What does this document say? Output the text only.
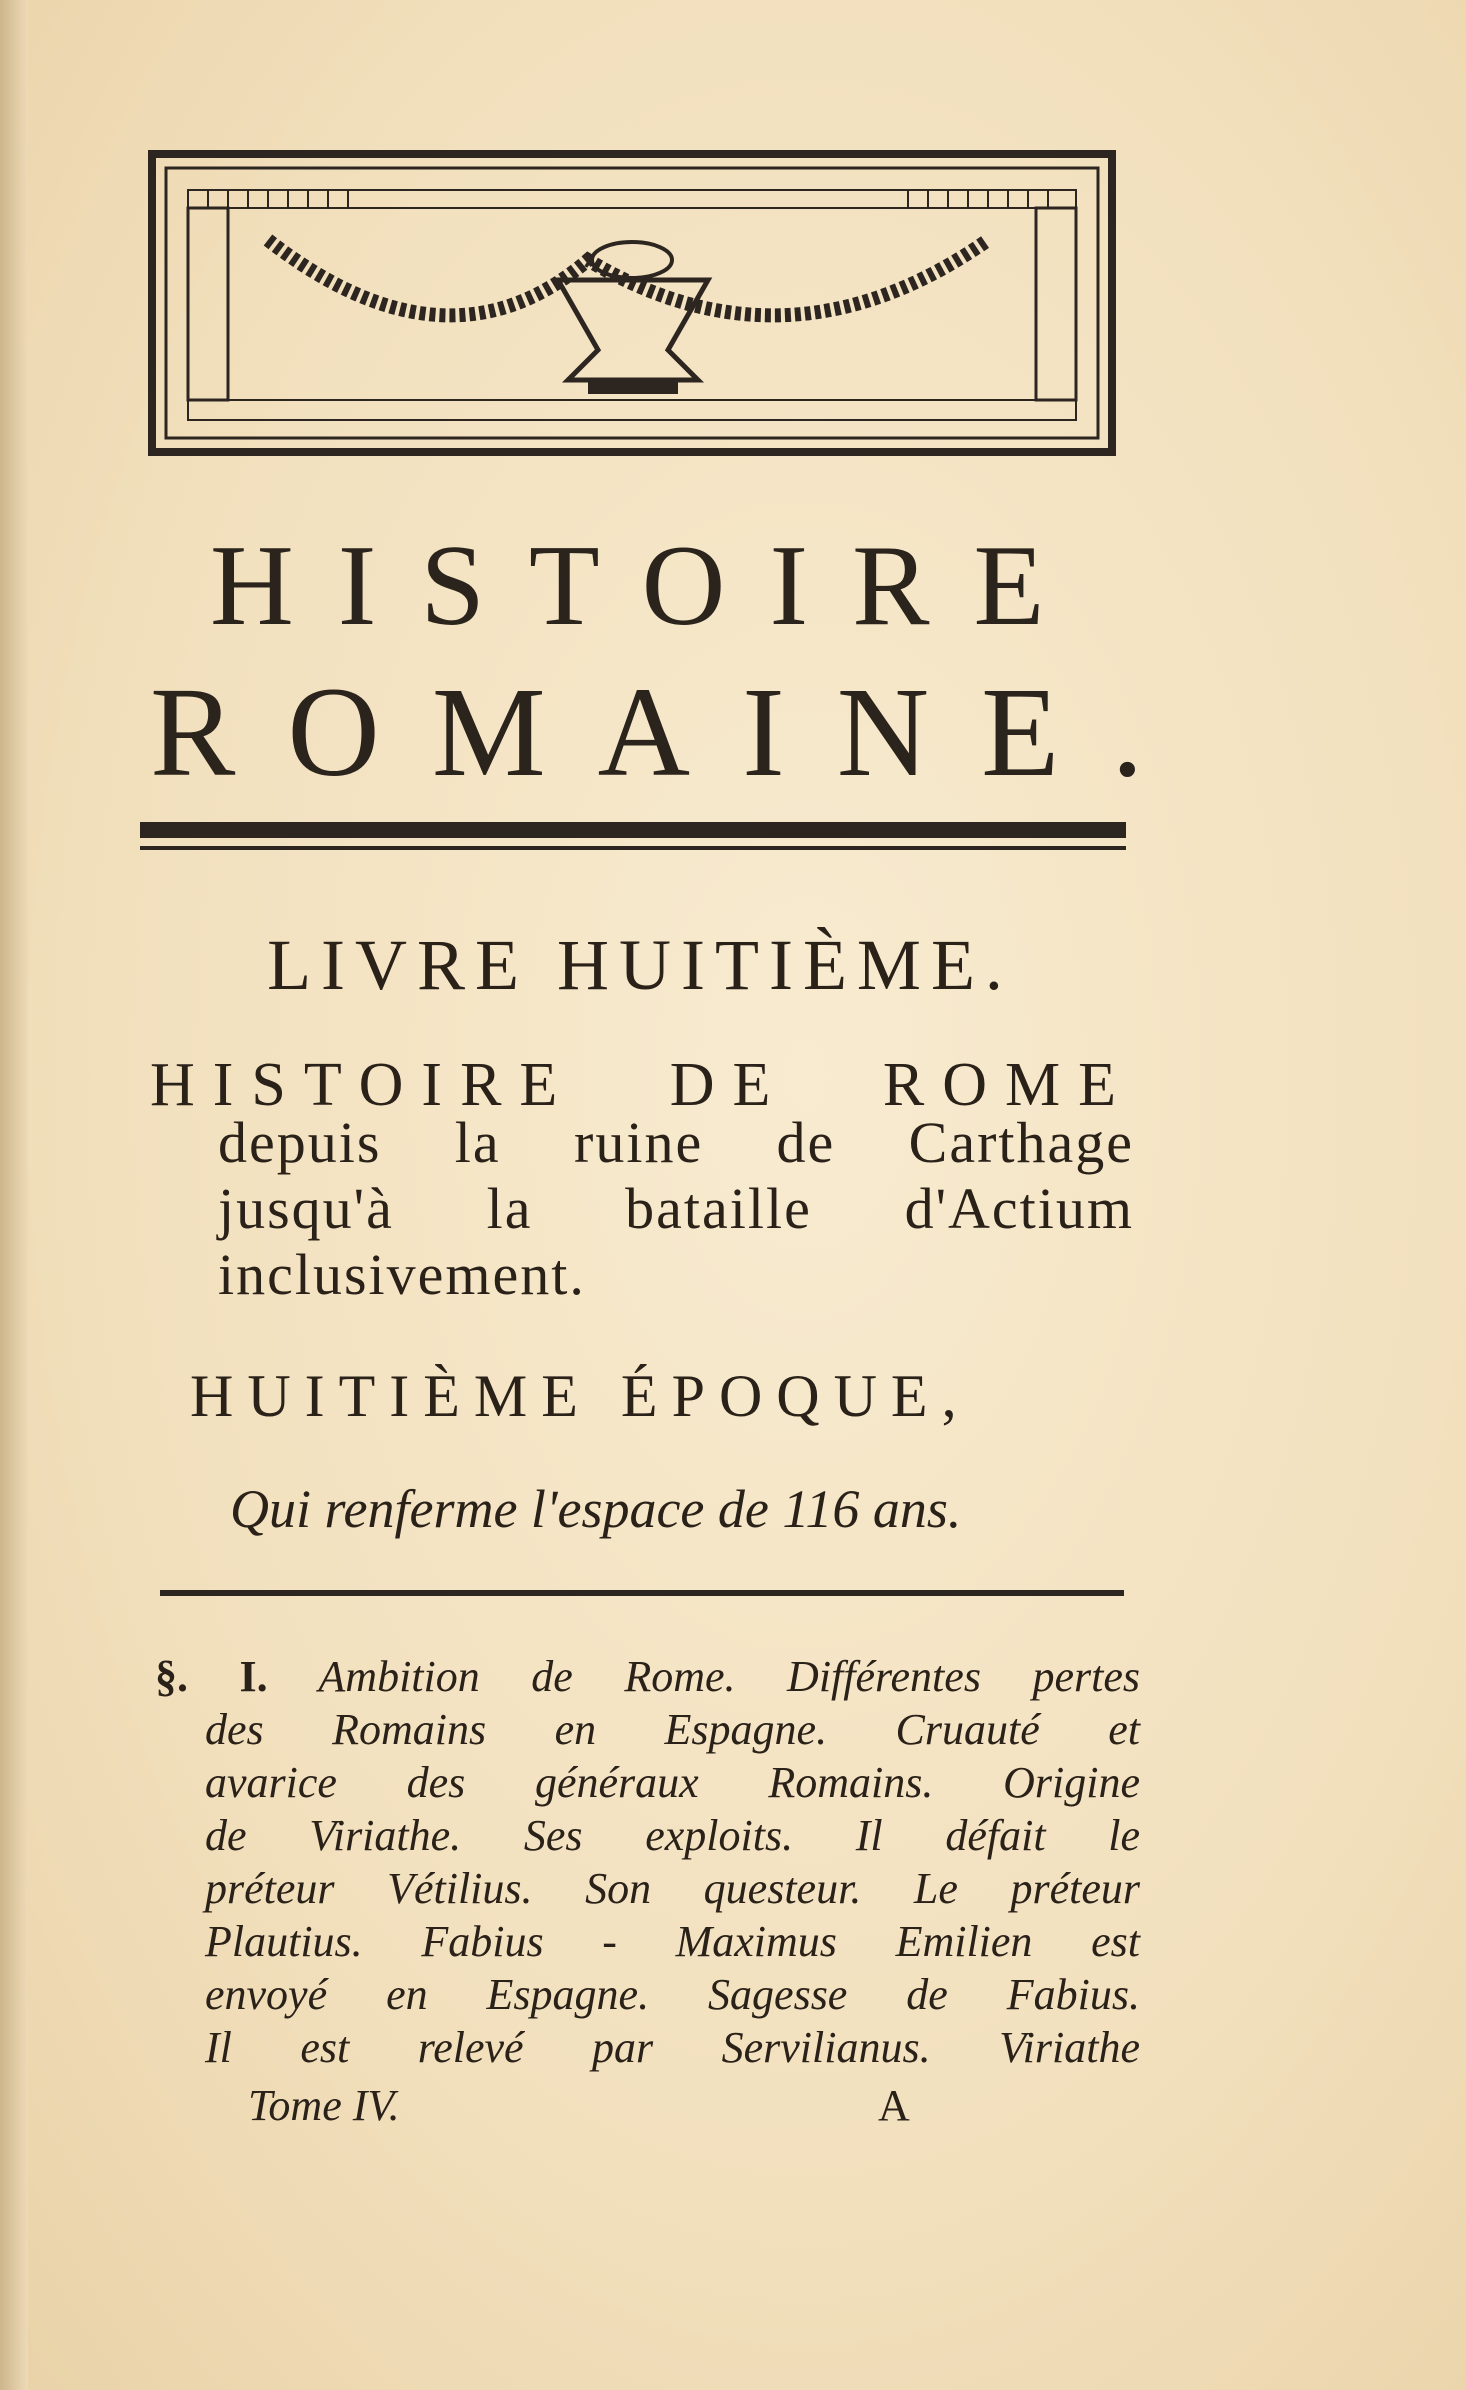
HISTOIRE
ROMAINE.
LIVRE HUITIÈME.
HISTOIRE DE ROME
depuis la ruine de Carthage
jusqu'à la bataille d'Actium
inclusivement.
HUITIÈME ÉPOQUE,
Qui renferme l'espace de 116 ans.
§. I. Ambition de Rome. Différentes pertes
des Romains en Espagne. Cruauté et
avarice des généraux Romains. Origine
de Viriathe. Ses exploits. Il défait le
préteur Vétilius. Son questeur. Le préteur
Plautius. Fabius - Maximus Emilien est
envoyé en Espagne. Sagesse de Fabius.
Il est relevé par Servilianus. Viriathe
Tome IV.	A
